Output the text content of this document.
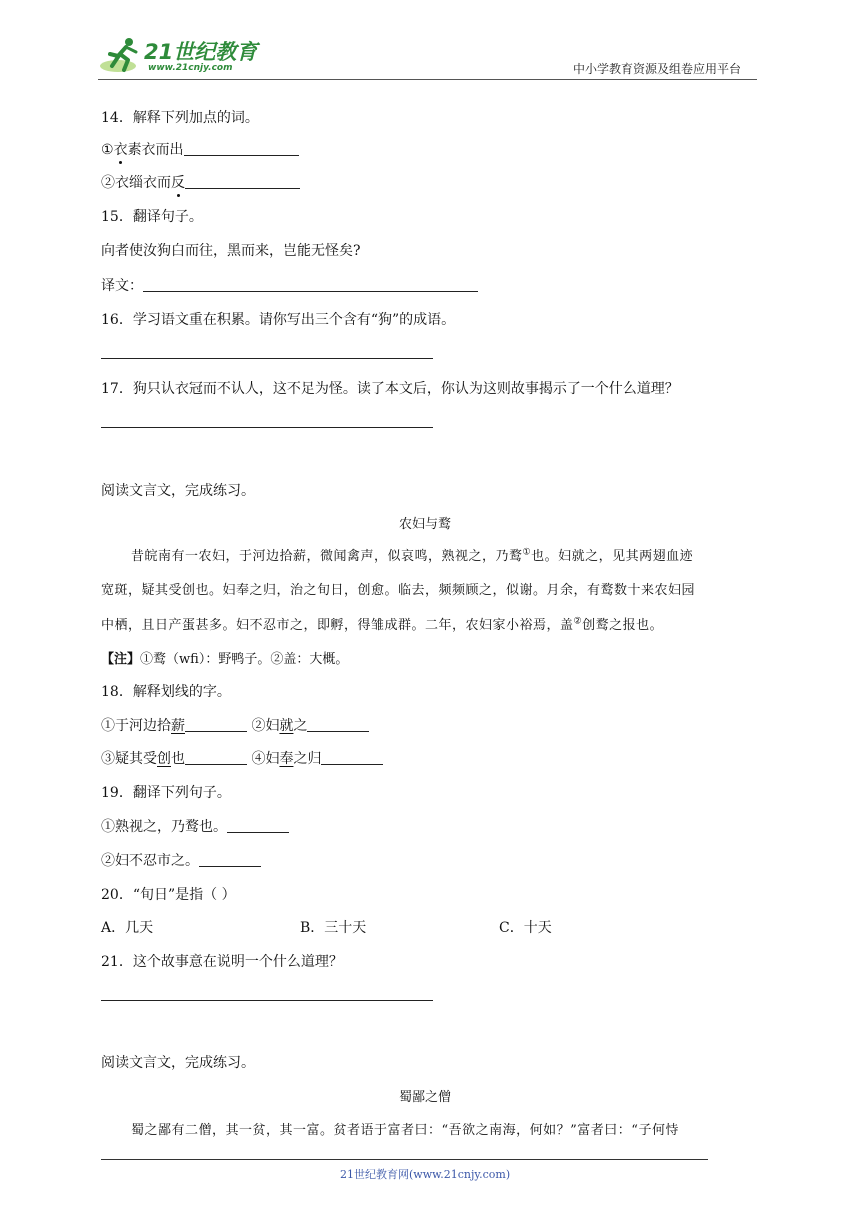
21世纪教育
www.21cnjy.com	中小学教育资源及组卷应用平台
14．解释下列加点的词。
①衣素衣而出
②衣缁衣而反
15．翻译句子。
向者使汝狗白而往，黑而来，岂能无怪矣?
译文：
16．学习语文重在积累。请你写出三个含有“狗”的成语。
17．狗只认衣冠而不认人，这不足为怪。读了本文后，你认为这则故事揭示了一个什么道理？
阅读文言文，完成练习。
农妇与鹜
昔皖南有一农妇，于河边拾薪，微闻禽声，似哀鸣，熟视之，乃鹜①也。妇就之，见其两翅血迹
宽斑，疑其受创也。妇奉之归，治之旬日，创愈。临去，频频顾之，似谢。月余，有鹜数十来农妇园
中栖，且日产蛋甚多。妇不忍市之，即孵，得雏成群。二年，农妇家小裕焉，盖②创鹜之报也。
【注】①鹜（wfi）：野鸭子。②盖：大概。
18．解释划线的字。
①于河边拾薪	②妇就之
③疑其受创也	④妇奉之归
19．翻译下列句子。
①熟视之，乃鹜也。
②妇不忍市之。
20．“旬日”是指（ ）
A．几天	B．三十天	C．十天
21．这个故事意在说明一个什么道理？
阅读文言文，完成练习。
蜀鄙之僧
蜀之鄙有二僧，其一贫，其一富。贫者语于富者曰：“吾欲之南海，何如？”富者曰：“子何恃
21世纪教育网(www.21cnjy.com)
